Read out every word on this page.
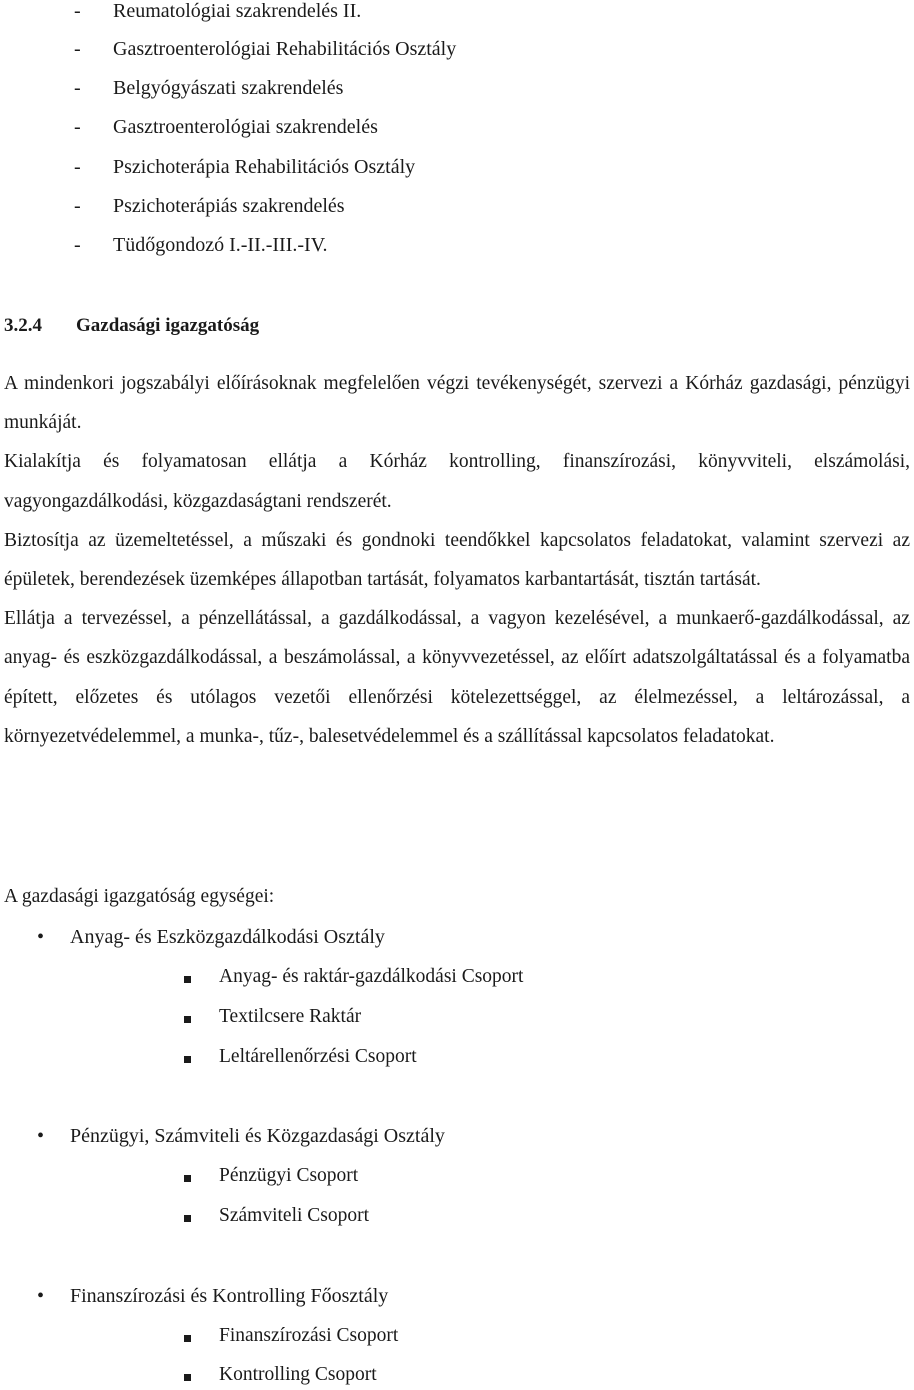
- Reumatológiai szakrendelés II.
- Gasztroenterológiai Rehabilitációs Osztály
- Belgyógyászati szakrendelés
- Gasztroenterológiai szakrendelés
- Pszichoterápia Rehabilitációs Osztály
- Pszichoterápiás szakrendelés
- Tüdőgondozó I.-II.-III.-IV.
3.2.4 Gazdasági igazgatóság

A mindenkori jogszabályi előírásoknak megfelelően végzi tevékenységét, szervezi a Kórház gazdasági, pénzügyi munkáját.

Kialakítja és folyamatosan ellátja a Kórház kontrolling, finanszírozási, könyvviteli, elszámolási, vagyongazdálkodási, közgazdaságtani rendszerét.

Biztosítja az üzemeltetéssel, a műszaki és gondnoki teendőkkel kapcsolatos feladatokat, valamint szervezi az épületek, berendezések üzemképes állapotban tartását, folyamatos karbantartását, tisztán tartását.

Ellátja a tervezéssel, a pénzellátással, a gazdálkodással, a vagyon kezelésével, a munkaerő-gazdálkodással, az anyag- és eszközgazdálkodással, a beszámolással, a könyvvezetéssel, az előírt adatszolgáltatással és a folyamatba épített, előzetes és utólagos vezetői ellenőrzési kötelezettséggel, az élelmezéssel, a leltározással, a környezetvédelemmel, a munka-, tűz-, balesetvédelemmel és a szállítással kapcsolatos feladatokat.

A gazdasági igazgatóság egységei:
• Anyag- és Eszközgazdálkodási Osztály
Anyag- és raktár-gazdálkodási Csoport
Textilcsere Raktár
Leltárellenőrzési Csoport
• Pénzügyi, Számviteli és Közgazdasági Osztály
Pénzügyi Csoport
Számviteli Csoport
• Finanszírozási és Kontrolling Főosztály
Finanszírozási Csoport
Kontrolling Csoport
